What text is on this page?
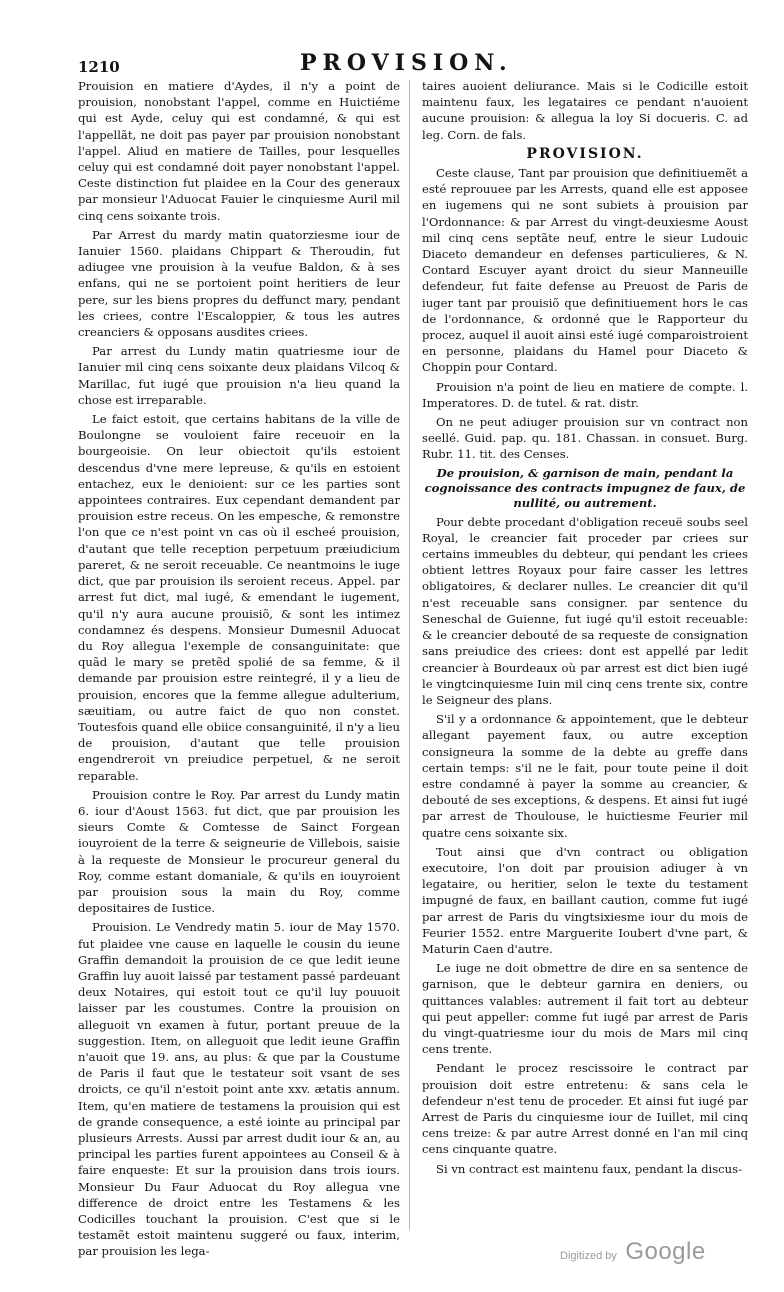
1210	PROVISION.

Prouision en matiere d'Aydes, il n'y a point de prouision, nonobstant l'appel, comme en Huictiéme qui est Ayde, celuy qui est condamné, & qui est l'appellãt, ne doit pas payer par prouision nonobstant l'appel. Aliud en matiere de Tailles, pour lesquelles celuy qui est condamné doit payer nonobstant l'appel. Ceste distinction fut plaidee en la Cour des generaux par monsieur l'Aduocat Fauier le cinquiesme Auril mil cinq cens soixante trois.

Par Arrest du mardy matin quatorziesme iour de Ianuier 1560. plaidans Chippart & Theroudin, fut adiugee vne prouision à la veufue Baldon, & à ses enfans, qui ne se portoient point heritiers de leur pere, sur les biens propres du deffunct mary, pendant les criees, contre l'Escaloppier, & tous les autres creanciers & opposans ausdites criees.

Par arrest du Lundy matin quatriesme iour de Ianuier mil cinq cens soixante deux plaidans Vilcoq & Marillac, fut iugé que prouision n'a lieu quand la chose est irreparable.

Le faict estoit, que certains habitans de la ville de Boulongne se vouloient faire receuoir en la bourgeoisie. On leur obiectoit qu'ils estoient descendus d'vne mere lepreuse, & qu'ils en estoient entachez, eux le denioient: sur ce les parties sont appointees contraires. Eux cependant demandent par prouision estre receus. On les empesche, & remonstre l'on que ce n'est point vn cas où il escheé prouision, d'autant que telle reception perpetuum præiudicium pareret, & ne seroit receuable. Ce neantmoins le iuge dict, que par prouision ils seroient receus. Appel. par arrest fut dict, mal iugé, & emendant le iugement, qu'il n'y aura aucune prouisiõ, & sont les intimez condamnez és despens. Monsieur Dumesnil Aduocat du Roy allegua l'exemple de consanguinitate: que quãd le mary se pretẽd spolié de sa femme, & il demande par prouision estre reintegré, il y a lieu de prouision, encores que la femme allegue adulterium, sæuitiam, ou autre faict de quo non constet. Toutesfois quand elle obiice consanguinité, il n'y a lieu de prouision, d'autant que telle prouision engendreroit vn preiudice perpetuel, & ne seroit reparable.

Prouision contre le Roy. Par arrest du Lundy matin 6. iour d'Aoust 1563. fut dict, que par prouision les sieurs Comte & Comtesse de Sainct Forgean iouyroient de la terre & seigneurie de Villebois, saisie à la requeste de Monsieur le procureur general du Roy, comme estant domaniale, & qu'ils en iouyroient par prouision sous la main du Roy, comme depositaires de Iustice.

Prouision. Le Vendredy matin 5. iour de May 1570. fut plaidee vne cause en laquelle le cousin du ieune Graffin demandoit la prouision de ce que ledit ieune Graffin luy auoit laissé par testament passé pardeuant deux Notaires, qui estoit tout ce qu'il luy pouuoit laisser par les coustumes. Contre la prouision on alleguoit vn examen à futur, portant preuue de la suggestion. Item, on alleguoit que ledit ieune Graffin n'auoit que 19. ans, au plus: & que par la Coustume de Paris il faut que le testateur soit vsant de ses droicts, ce qu'il n'estoit point ante xxv. ætatis annum. Item, qu'en matiere de testamens la prouision qui est de grande consequence, a esté iointe au principal par plusieurs Arrests. Aussi par arrest dudit iour & an, au principal les parties furent appointees au Conseil & à faire enqueste: Et sur la prouision dans trois iours. Monsieur Du Faur Aduocat du Roy allegua vne difference de droict entre les Testamens & les Codicilles touchant la prouision. C'est que si le testamẽt estoit maintenu suggeré ou faux, interim, par prouision les lega-

taires auoient deliurance. Mais si le Codicille estoit maintenu faux, les legataires ce pendant n'auoient aucune prouision: & allegua la loy Si docueris. C. ad leg. Corn. de fals.

PROVISION.

Ceste clause, Tant par prouision que definitiuemẽt a esté reprouuee par les Arrests, quand elle est apposee en iugemens qui ne sont subiets à prouision par l'Ordonnance: & par Arrest du vingt-deuxiesme Aoust mil cinq cens septãte neuf, entre le sieur Ludouic Diaceto demandeur en defenses particulieres, & N. Contard Escuyer ayant droict du sieur Manneuille defendeur, fut faite defense au Preuost de Paris de iuger tant par prouisiõ que definitiuement hors le cas de l'ordonnance, & ordonné que le Rapporteur du procez, auquel il auoit ainsi esté iugé comparoistroient en personne, plaidans du Hamel pour Diaceto & Choppin pour Contard.

Prouision n'a point de lieu en matiere de compte. l. Imperatores. D. de tutel. & rat. distr.

On ne peut adiuger prouision sur vn contract non seellé. Guid. pap. qu. 181. Chassan. in consuet. Burg. Rubr. 11. tit. des Censes.

De prouision, & garnison de main, pendant la cognoissance des contracts impugnez de faux, de nullité, ou autrement.

Pour debte procedant d'obligation receuë soubs seel Royal, le creancier fait proceder par criees sur certains immeubles du debteur, qui pendant les criees obtient lettres Royaux pour faire casser les lettres obligatoires, & declarer nulles. Le creancier dit qu'il n'est receuable sans consigner. par sentence du Seneschal de Guienne, fut iugé qu'il estoit receuable: & le creancier debouté de sa requeste de consignation sans preiudice des criees: dont est appellé par ledit creancier à Bourdeaux où par arrest est dict bien iugé le vingtcinquiesme Iuin mil cinq cens trente six, contre le Seigneur des plans.

S'il y a ordonnance & appointement, que le debteur allegant payement faux, ou autre exception consigneura la somme de la debte au greffe dans certain temps: s'il ne le fait, pour toute peine il doit estre condamné à payer la somme au creancier, & debouté de ses exceptions, & despens. Et ainsi fut iugé par arrest de Thoulouse, le huictiesme Feurier mil quatre cens soixante six.

Tout ainsi que d'vn contract ou obligation executoire, l'on doit par prouision adiuger à vn legataire, ou heritier, selon le texte du testament impugné de faux, en baillant caution, comme fut iugé par arrest de Paris du vingtsixiesme iour du mois de Feurier 1552. entre Marguerite Ioubert d'vne part, & Maturin Caen d'autre.

Le iuge ne doit obmettre de dire en sa sentence de garnison, que le debteur garnira en deniers, ou quittances valables: autrement il fait tort au debteur qui peut appeller: comme fut iugé par arrest de Paris du vingt-quatriesme iour du mois de Mars mil cinq cens trente.

Pendant le procez rescissoire le contract par prouision doit estre entretenu: & sans cela le defendeur n'est tenu de proceder. Et ainsi fut iugé par Arrest de Paris du cinquiesme iour de Iuillet, mil cinq cens treize: & par autre Arrest donné en l'an mil cinq cens cinquante quatre.

Si vn contract est maintenu faux, pendant la discus-

Digitized by Google
